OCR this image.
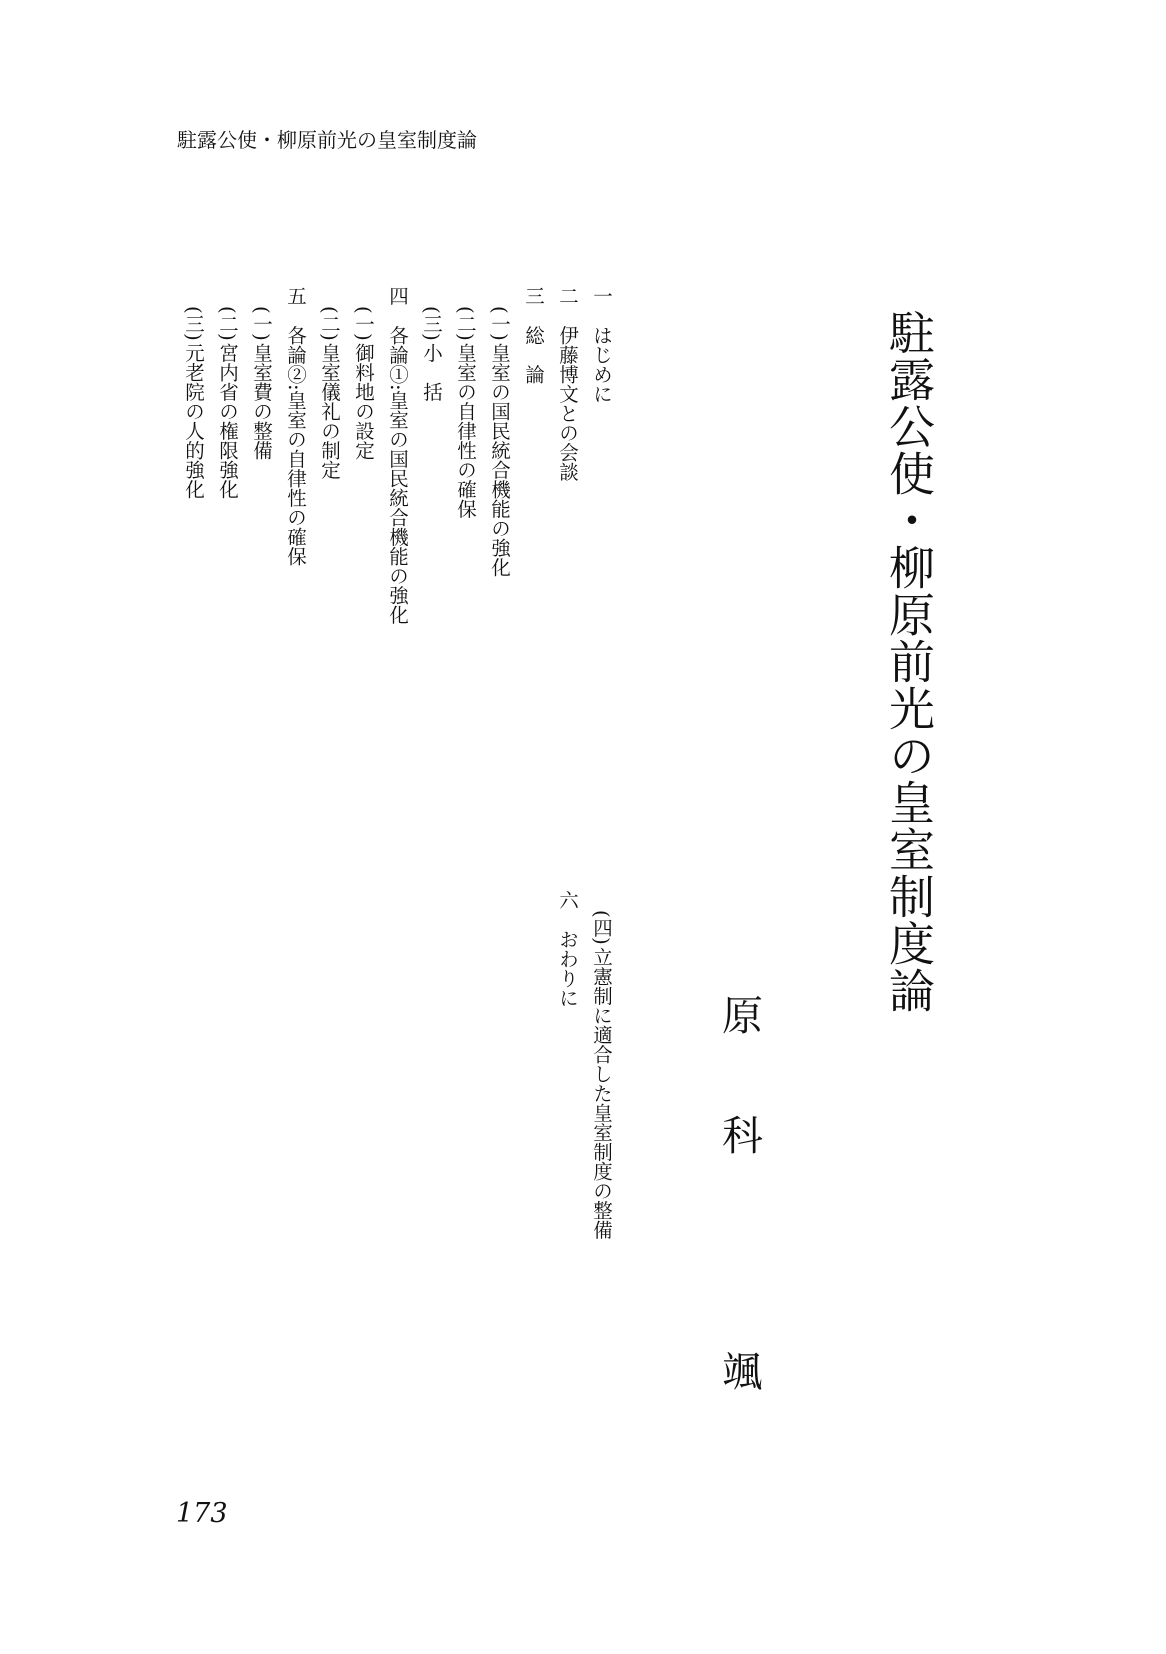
駐露公使・柳原前光の皇室制度論
駐露公使・柳原前光の皇室制度論
原
科
颯
一はじめに
二伊藤博文との会談
三総　論
(一)皇室の国民統合機能の強化
(二)皇室の自律性の確保
(三)小　括
四各論①:皇室の国民統合機能の強化
(一)御料地の設定
(二)皇室儀礼の制定
五各論②:皇室の自律性の確保
(一)皇室費の整備
(二)宮内省の権限強化
(三)元老院の人的強化
(四)立憲制に適合した皇室制度の整備
六おわりに
173
